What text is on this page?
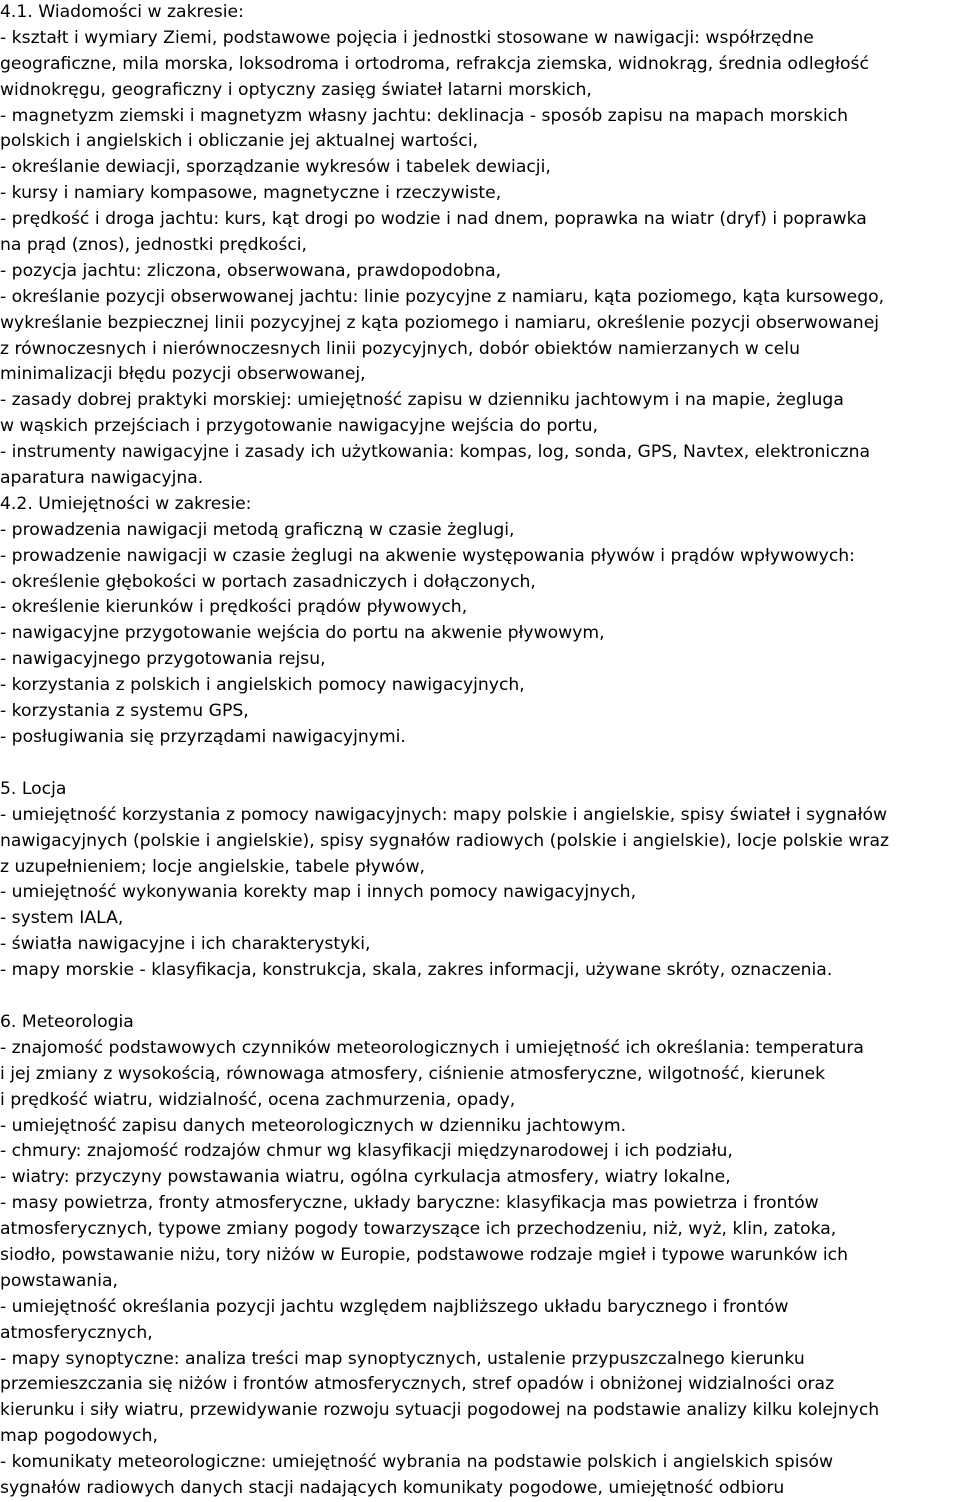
4.1. Wiadomości w zakresie:
- kształt i wymiary Ziemi, podstawowe pojęcia i jednostki stosowane w nawigacji: współrzędne
geograficzne, mila morska, loksodroma i ortodroma, refrakcja ziemska, widnokrąg, średnia odległość
widnokręgu, geograficzny i optyczny zasięg świateł latarni morskich,
- magnetyzm ziemski i magnetyzm własny jachtu: deklinacja - sposób zapisu na mapach morskich
polskich i angielskich i obliczanie jej aktualnej wartości,
- określanie dewiacji, sporządzanie wykresów i tabelek dewiacji,
- kursy i namiary kompasowe, magnetyczne i rzeczywiste,
- prędkość i droga jachtu: kurs, kąt drogi po wodzie i nad dnem, poprawka na wiatr (dryf) i poprawka
na prąd (znos), jednostki prędkości,
- pozycja jachtu: zliczona, obserwowana, prawdopodobna,
- określanie pozycji obserwowanej jachtu: linie pozycyjne z namiaru, kąta poziomego, kąta kursowego,
wykreślanie bezpiecznej linii pozycyjnej z kąta poziomego i namiaru, określenie pozycji obserwowanej
z równoczesnych i nierównoczesnych linii pozycyjnych, dobór obiektów namierzanych w celu
minimalizacji błędu pozycji obserwowanej,
- zasady dobrej praktyki morskiej: umiejętność zapisu w dzienniku jachtowym i na mapie, żegluga
w wąskich przejściach i przygotowanie nawigacyjne wejścia do portu,
- instrumenty nawigacyjne i zasady ich użytkowania: kompas, log, sonda, GPS, Navtex, elektroniczna
aparatura nawigacyjna.
4.2. Umiejętności w zakresie:
- prowadzenia nawigacji metodą graficzną w czasie żeglugi,
- prowadzenie nawigacji w czasie żeglugi na akwenie występowania pływów i prądów wpływowych:
- określenie głębokości w portach zasadniczych i dołączonych,
- określenie kierunków i prędkości prądów pływowych,
- nawigacyjne przygotowanie wejścia do portu na akwenie pływowym,
- nawigacyjnego przygotowania rejsu,
- korzystania z polskich i angielskich pomocy nawigacyjnych,
- korzystania z systemu GPS,
- posługiwania się przyrządami nawigacyjnymi.
5. Locja
- umiejętność korzystania z pomocy nawigacyjnych: mapy polskie i angielskie, spisy świateł i sygnałów
nawigacyjnych (polskie i angielskie), spisy sygnałów radiowych (polskie i angielskie), locje polskie wraz
z uzupełnieniem; locje angielskie, tabele pływów,
- umiejętność wykonywania korekty map i innych pomocy nawigacyjnych,
- system IALA,
- światła nawigacyjne i ich charakterystyki,
- mapy morskie - klasyfikacja, konstrukcja, skala, zakres informacji, używane skróty, oznaczenia.
6. Meteorologia
- znajomość podstawowych czynników meteorologicznych i umiejętność ich określania: temperatura
i jej zmiany z wysokością, równowaga atmosfery, ciśnienie atmosferyczne, wilgotność, kierunek
i prędkość wiatru, widzialność, ocena zachmurzenia, opady,
- umiejętność zapisu danych meteorologicznych w dzienniku jachtowym.
- chmury: znajomość rodzajów chmur wg klasyfikacji międzynarodowej i ich podziału,
- wiatry: przyczyny powstawania wiatru, ogólna cyrkulacja atmosfery, wiatry lokalne,
- masy powietrza, fronty atmosferyczne, układy baryczne: klasyfikacja mas powietrza i frontów
atmosferycznych, typowe zmiany pogody towarzyszące ich przechodzeniu, niż, wyż, klin, zatoka,
siodło, powstawanie niżu, tory niżów w Europie, podstawowe rodzaje mgieł i typowe warunków ich
powstawania,
- umiejętność określania pozycji jachtu względem najbliższego układu barycznego i frontów
atmosferycznych,
- mapy synoptyczne: analiza treści map synoptycznych, ustalenie przypuszczalnego kierunku
przemieszczania się niżów i frontów atmosferycznych, stref opadów i obniżonej widzialności oraz
kierunku i siły wiatru, przewidywanie rozwoju sytuacji pogodowej na podstawie analizy kilku kolejnych
map pogodowych,
- komunikaty meteorologiczne: umiejętność wybrania na podstawie polskich i angielskich spisów
sygnałów radiowych danych stacji nadających komunikaty pogodowe, umiejętność odbioru
